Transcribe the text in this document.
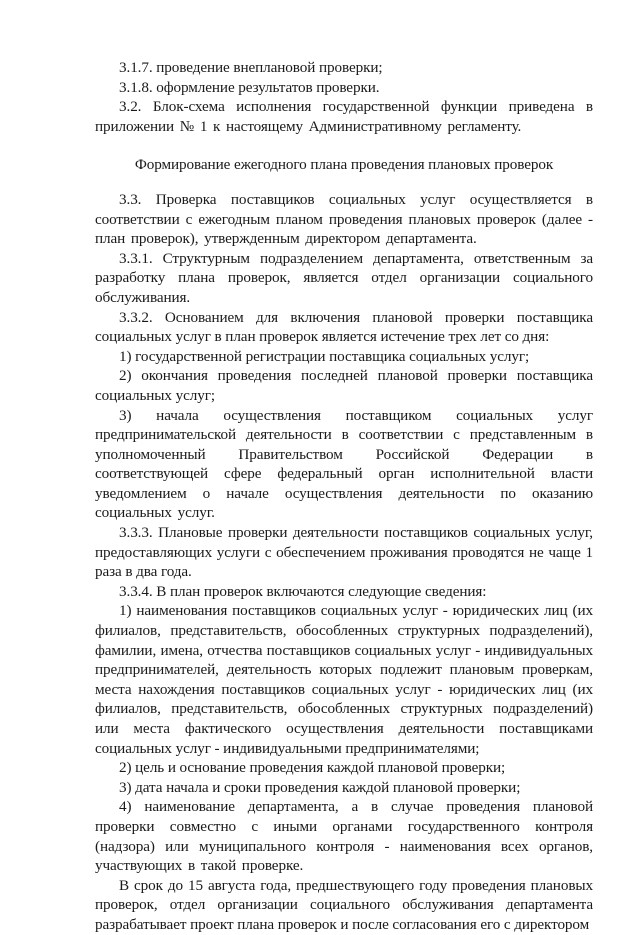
3.1.7. проведение внеплановой проверки;

3.1.8. оформление результатов проверки.

3.2. Блок-схема исполнения государственной функции приведена в приложении № 1 к настоящему Административному регламенту.

Формирование ежегодного плана проведения плановых проверок

3.3. Проверка поставщиков социальных услуг осуществляется в соответствии с ежегодным планом проведения плановых проверок (далее - план проверок), утвержденным директором департамента.

3.3.1. Структурным подразделением департамента, ответственным за разработку плана проверок, является отдел организации социального обслуживания.

3.3.2. Основанием для включения плановой проверки поставщика социальных услуг в план проверок является истечение трех лет со дня:

1) государственной регистрации поставщика социальных услуг;

2) окончания проведения последней плановой проверки поставщика социальных услуг;

3) начала осуществления поставщиком социальных услуг предпринимательской деятельности в соответствии с представленным в уполномоченный Правительством Российской Федерации в соответствующей сфере федеральный орган исполнительной власти уведомлением о начале осуществления деятельности по оказанию социальных услуг.

3.3.3. Плановые проверки деятельности поставщиков социальных услуг, предоставляющих услуги с обеспечением проживания проводятся не чаще 1 раза в два года.

3.3.4. В план проверок включаются следующие сведения:

1) наименования поставщиков социальных услуг - юридических лиц (их филиалов, представительств, обособленных структурных подразделений), фамилии, имена, отчества поставщиков социальных услуг - индивидуальных предпринимателей, деятельность которых подлежит плановым проверкам, места нахождения поставщиков социальных услуг - юридических лиц (их филиалов, представительств, обособленных структурных подразделений) или места фактического осуществления деятельности поставщиками социальных услуг - индивидуальными предпринимателями;

2) цель и основание проведения каждой плановой проверки;

3) дата начала и сроки проведения каждой плановой проверки;

4) наименование департамента, а в случае проведения плановой проверки совместно с иными органами государственного контроля (надзора) или муниципального контроля - наименования всех органов, участвующих в такой проверке.

В срок до 15 августа года, предшествующего году проведения плановых проверок, отдел организации социального обслуживания департамента разрабатывает проект плана проверок и после согласования его с директором
